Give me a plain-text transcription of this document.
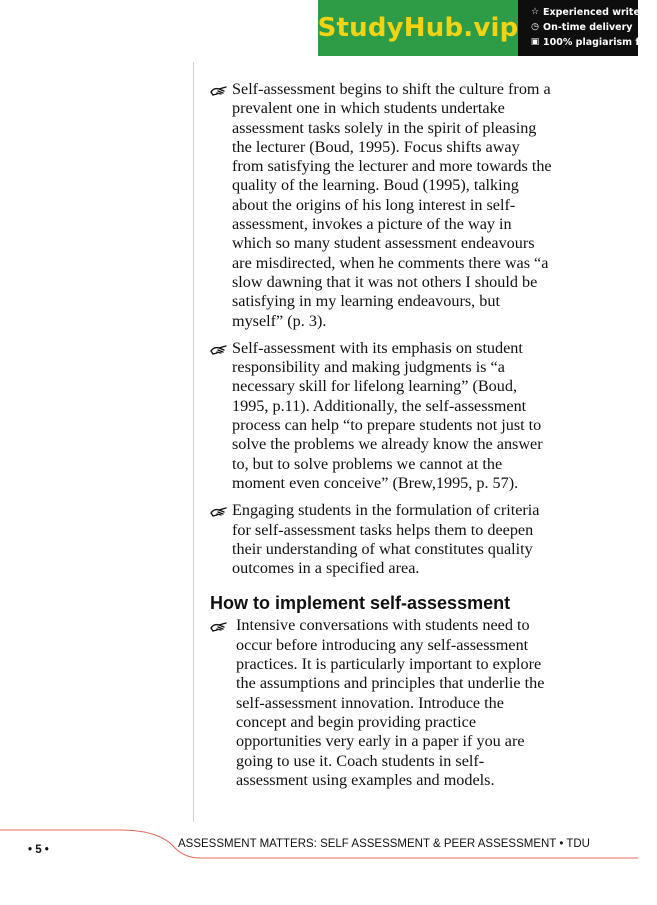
StudyHub.vip
☆ Experienced writers
◷ On-time delivery
▣ 100% plagiarism free
Self-assessment begins to shift the culture from a prevalent one in which students undertake assessment tasks solely in the spirit of pleasing the lecturer (Boud, 1995). Focus shifts away from satisfying the lecturer and more towards the quality of the learning. Boud (1995), talking about the origins of his long interest in self-assessment, invokes a picture of the way in which so many student assessment endeavours are misdirected, when he comments there was “a slow dawning that it was not others I should be satisfying in my learning endeavours, but myself” (p. 3).
Self-assessment with its emphasis on student responsibility and making judgments is “a necessary skill for lifelong learning” (Boud, 1995, p.11). Additionally, the self-assessment process can help “to prepare students not just to solve the problems we already know the answer to, but to solve problems we cannot at the moment even conceive” (Brew,1995, p. 57).
Engaging students in the formulation of criteria for self-assessment tasks helps them to deepen their understanding of what constitutes quality outcomes in a specified area.
How to implement self-assessment
Intensive conversations with students need to occur before introducing any self-assessment practices. It is particularly important to explore the assumptions and principles that underlie the self-assessment innovation. Introduce the concept and begin providing practice opportunities very early in a paper if you are going to use it. Coach students in self-assessment using examples and models.
ASSESSMENT MATTERS: SELF ASSESSMENT & PEER ASSESSMENT • TDU
• 5 •
